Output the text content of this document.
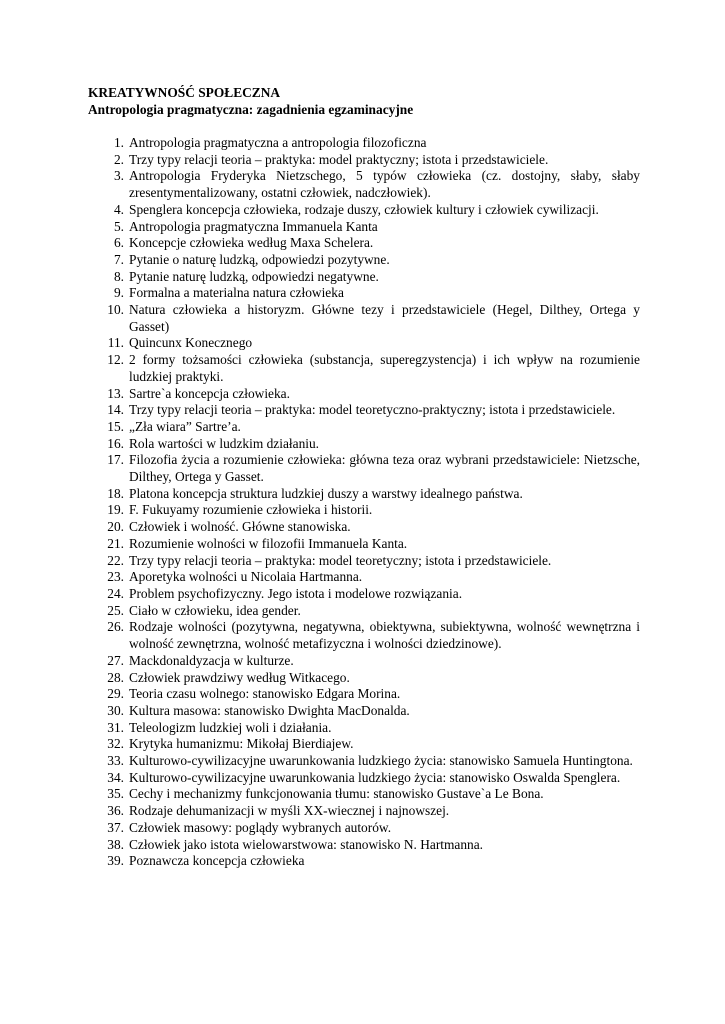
KREATYWNOŚĆ SPOŁECZNA

Antropologia pragmatyczna: zagadnienia egzaminacyjne

1. Antropologia pragmatyczna a antropologia filozoficzna
2. Trzy typy relacji teoria – praktyka: model praktyczny; istota i przedstawiciele.
3. Antropologia Fryderyka Nietzschego, 5 typów człowieka (cz. dostojny, słaby, słaby zresentymentalizowany, ostatni człowiek, nadczłowiek).
4. Spenglera koncepcja człowieka, rodzaje duszy, człowiek kultury i człowiek cywilizacji.
5. Antropologia pragmatyczna Immanuela Kanta
6. Koncepcje człowieka według Maxa Schelera.
7. Pytanie o naturę ludzką, odpowiedzi pozytywne.
8. Pytanie naturę ludzką, odpowiedzi negatywne.
9. Formalna a materialna natura człowieka
10. Natura człowieka a historyzm. Główne tezy i przedstawiciele (Hegel, Dilthey, Ortega y Gasset)
11. Quincunx Konecznego
12. 2 formy tożsamości człowieka (substancja, superegzystencja) i ich wpływ na rozumienie ludzkiej praktyki.
13. Sartre`a koncepcja człowieka.
14. Trzy typy relacji teoria – praktyka: model teoretyczno-praktyczny; istota i przedstawiciele.
15. „Zła wiara” Sartre’a.
16. Rola wartości w ludzkim działaniu.
17. Filozofia życia a rozumienie człowieka: główna teza oraz wybrani przedstawiciele: Nietzsche, Dilthey, Ortega y Gasset.
18. Platona koncepcja struktura ludzkiej duszy a warstwy idealnego państwa.
19. F. Fukuyamy rozumienie człowieka i historii.
20. Człowiek i wolność. Główne stanowiska.
21. Rozumienie wolności w filozofii Immanuela Kanta.
22. Trzy typy relacji teoria – praktyka: model teoretyczny; istota i przedstawiciele.
23. Aporetyka wolności u Nicolaia Hartmanna.
24. Problem psychofizyczny. Jego istota i modelowe rozwiązania.
25. Ciało w człowieku, idea gender.
26. Rodzaje wolności (pozytywna, negatywna, obiektywna, subiektywna, wolność wewnętrzna i wolność zewnętrzna, wolność metafizyczna i wolności dziedzinowe).
27. Mackdonaldyzacja w kulturze.
28. Człowiek prawdziwy według Witkacego.
29. Teoria czasu wolnego: stanowisko Edgara Morina.
30. Kultura masowa: stanowisko Dwighta MacDonalda.
31. Teleologizm ludzkiej woli i działania.
32. Krytyka humanizmu: Mikołaj Bierdiajew.
33. Kulturowo-cywilizacyjne uwarunkowania ludzkiego życia: stanowisko Samuela Huntingtona.
34. Kulturowo-cywilizacyjne uwarunkowania ludzkiego życia: stanowisko Oswalda Spenglera.
35. Cechy i mechanizmy funkcjonowania tłumu: stanowisko Gustave`a Le Bona.
36. Rodzaje dehumanizacji w myśli XX-wiecznej i najnowszej.
37. Człowiek masowy: poglądy wybranych autorów.
38. Człowiek jako istota wielowarstwowa: stanowisko N. Hartmanna.
39. Poznawcza koncepcja człowieka
